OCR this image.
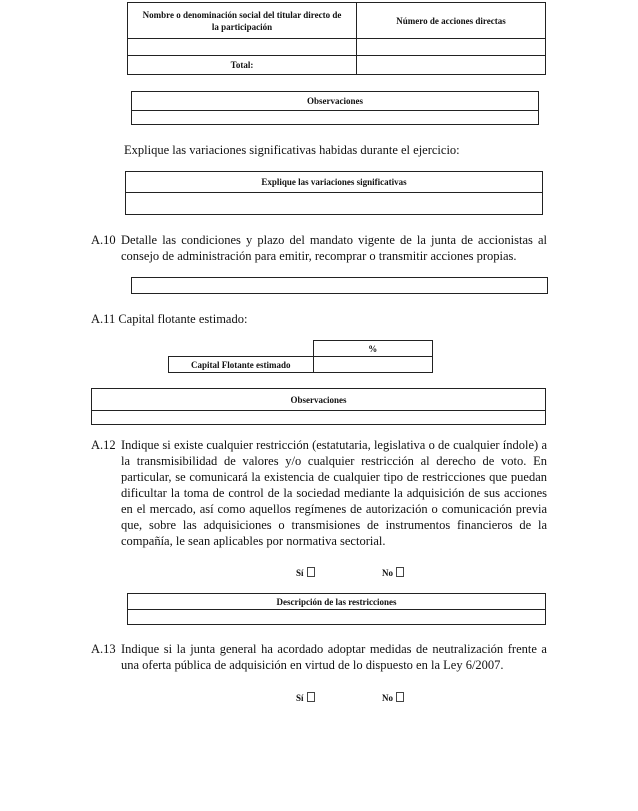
Nombre o denominación social del titular directo de la participación	Número de acciones directas

Total:	
Observaciones

Explique las variaciones significativas habidas durante el ejercicio:
Explique las variaciones significativas

A.10 Detalle las condiciones y plazo del mandato vigente de la junta de accionistas al consejo de administración para emitir, recomprar o transmitir acciones propias.
A.11 Capital flotante estimado:
	%
Capital Flotante estimado	
Observaciones

A.12 Indique si existe cualquier restricción (estatutaria, legislativa o de cualquier índole) a la transmisibilidad de valores y/o cualquier restricción al derecho de voto. En particular, se comunicará la existencia de cualquier tipo de restricciones que puedan dificultar la toma de control de la sociedad mediante la adquisición de sus acciones en el mercado, así como aquellos regímenes de autorización o comunicación previa que, sobre las adquisiciones o transmisiones de instrumentos financieros de la compañía, le sean aplicables por normativa sectorial.
Sí	No
Descripción de las restricciones

A.13 Indique si la junta general ha acordado adoptar medidas de neutralización frente a una oferta pública de adquisición en virtud de lo dispuesto en la Ley 6/2007.
Sí	No
